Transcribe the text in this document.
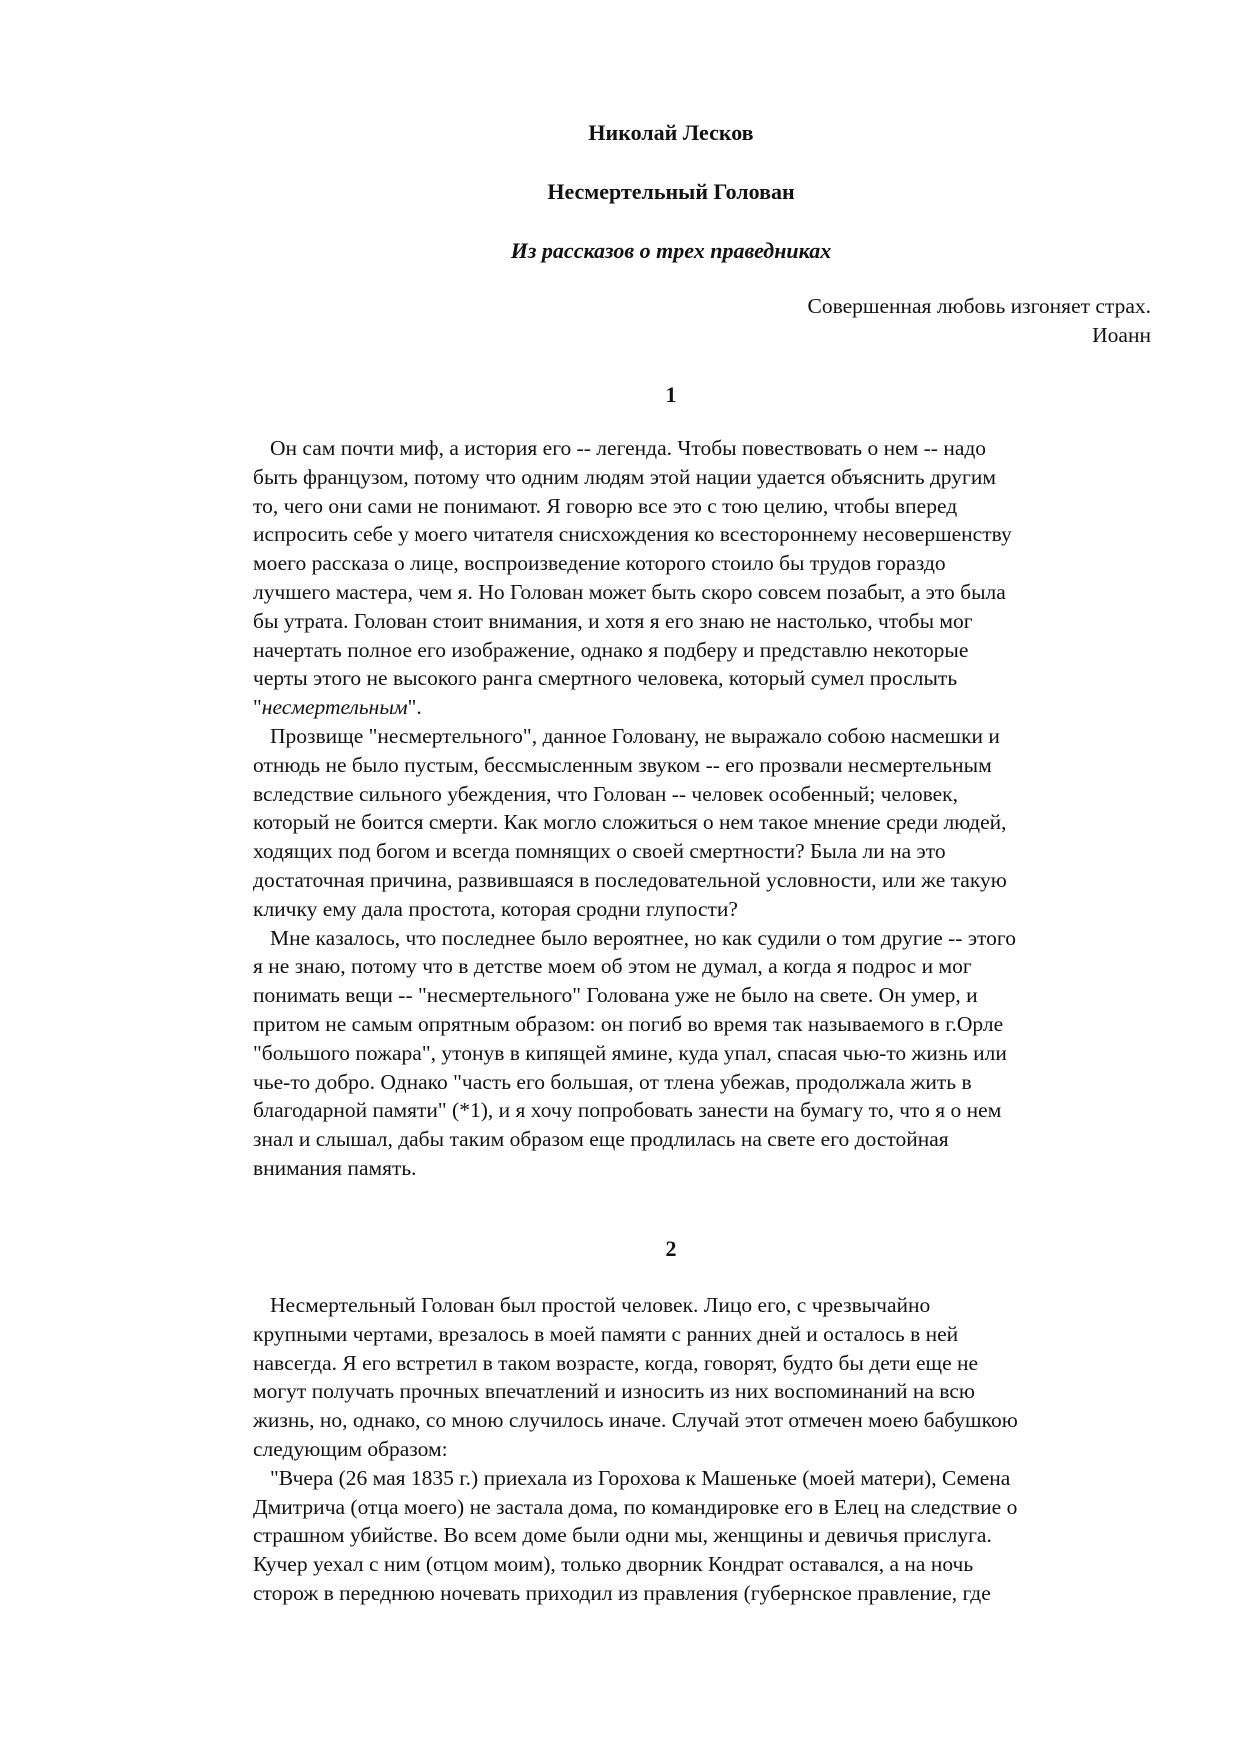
Николай Лесков
Несмертельный Голован
Из рассказов о трех праведниках
Совершенная любовь изгоняет страх.
Иоанн
1
Он сам почти миф, а история его -- легенда. Чтобы повествовать о нем -- надо
быть французом, потому что одним людям этой нации удается объяснить другим
то, чего они сами не понимают. Я говорю все это с тою целию, чтобы вперед
испросить себе у моего читателя снисхождения ко всестороннему несовершенству
моего рассказа о лице, воспроизведение которого стоило бы трудов гораздо
лучшего мастера, чем я. Но Голован может быть скоро совсем позабыт, а это была
бы утрата. Голован стоит внимания, и хотя я его знаю не настолько, чтобы мог
начертать полное его изображение, однако я подберу и представлю некоторые
черты этого не высокого ранга смертного человека, который сумел прослыть
"несмертельным".
Прозвище "несмертельного", данное Головану, не выражало собою насмешки и
отнюдь не было пустым, бессмысленным звуком -- его прозвали несмертельным
вследствие сильного убеждения, что Голован -- человек особенный; человек,
который не боится смерти. Как могло сложиться о нем такое мнение среди людей,
ходящих под богом и всегда помнящих о своей смертности? Была ли на это
достаточная причина, развившаяся в последовательной условности, или же такую
кличку ему дала простота, которая сродни глупости?
Мне казалось, что последнее было вероятнее, но как судили о том другие -- этого
я не знаю, потому что в детстве моем об этом не думал, а когда я подрос и мог
понимать вещи -- "несмертельного" Голована уже не было на свете. Он умер, и
притом не самым опрятным образом: он погиб во время так называемого в г.Орле
"большого пожара", утонув в кипящей ямине, куда упал, спасая чью-то жизнь или
чье-то добро. Однако "часть его большая, от тлена убежав, продолжала жить в
благодарной памяти" (*1), и я хочу попробовать занести на бумагу то, что я о нем
знал и слышал, дабы таким образом еще продлилась на свете его достойная
внимания память.
2
Несмертельный Голован был простой человек. Лицо его, с чрезвычайно
крупными чертами, врезалось в моей памяти с ранних дней и осталось в ней
навсегда. Я его встретил в таком возрасте, когда, говорят, будто бы дети еще не
могут получать прочных впечатлений и износить из них воспоминаний на всю
жизнь, но, однако, со мною случилось иначе. Случай этот отмечен моею бабушкою
следующим образом:
"Вчера (26 мая 1835 г.) приехала из Горохова к Машеньке (моей матери), Семена
Дмитрича (отца моего) не застала дома, по командировке его в Елец на следствие о
страшном убийстве. Во всем доме были одни мы, женщины и девичья прислуга.
Кучер уехал с ним (отцом моим), только дворник Кондрат оставался, а на ночь
сторож в переднюю ночевать приходил из правления (губернское правление, где
